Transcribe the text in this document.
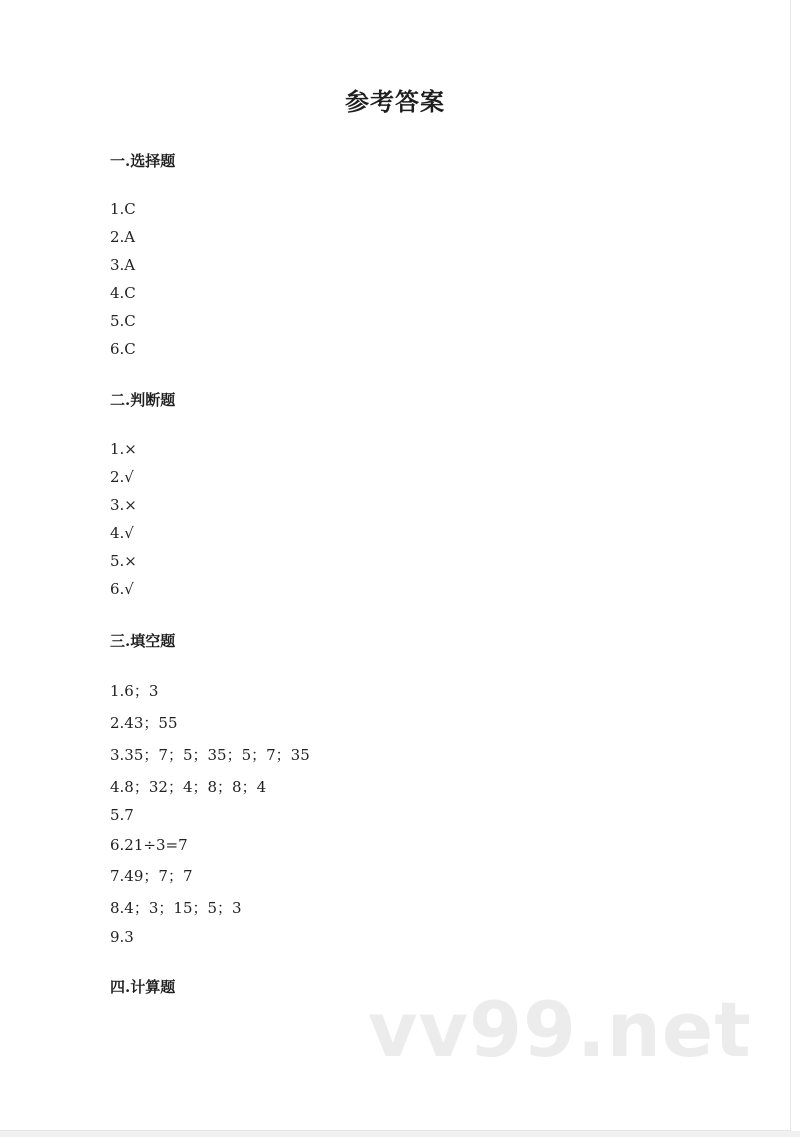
参考答案
一.选择题
1.C
2.A
3.A
4.C
5.C
6.C
二.判断题
1.×
2.√
3.×
4.√
5.×
6.√
三.填空题
1.6；3
2.43；55
3.35；7；5；35；5；7；35
4.8；32；4；8；8；4
5.7
6.21÷3=7
7.49；7；7
8.4；3；15；5；3
9.3
四.计算题	vv99.net
